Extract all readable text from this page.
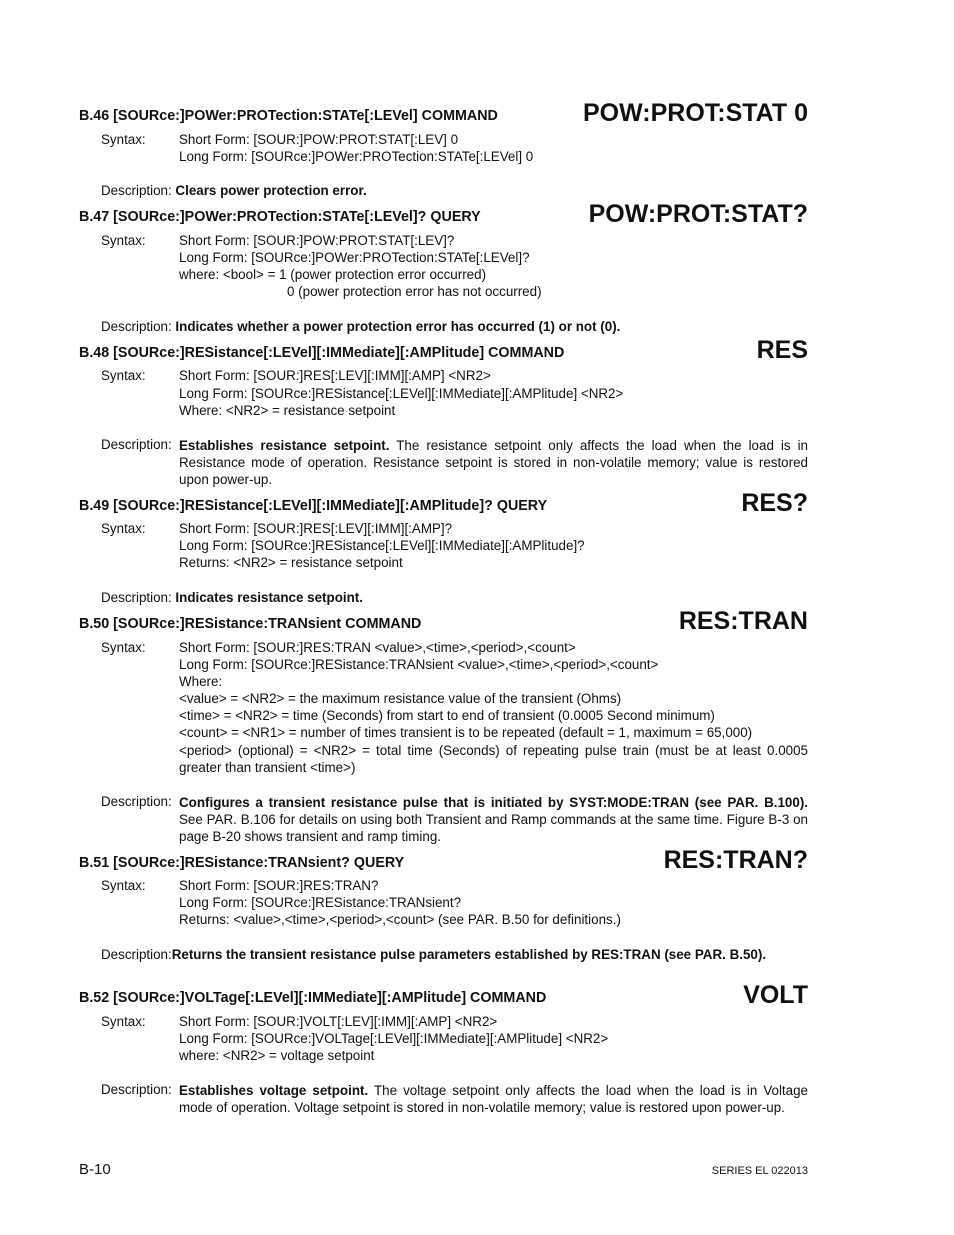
B.46 [SOURce:]POWer:PROTection:STATe[:LEVel] COMMAND	POW:PROT:STAT 0
Syntax: Short Form: [SOUR:]POW:PROT:STAT[:LEV] 0
Long Form: [SOURce:]POWer:PROTection:STATe[:LEVel] 0
Description: Clears power protection error.
B.47 [SOURce:]POWer:PROTection:STATe[:LEVel]? QUERY	POW:PROT:STAT?
Syntax: Short Form: [SOUR:]POW:PROT:STAT[:LEV]?
Long Form: [SOURce:]POWer:PROTection:STATe[:LEVel]?
where: <bool> = 1 (power protection error occurred)
0 (power protection error has not occurred)
Description: Indicates whether a power protection error has occurred (1) or not (0).
B.48 [SOURce:]RESistance[:LEVel][:IMMediate][:AMPlitude] COMMAND	RES
Syntax: Short Form: [SOUR:]RES[:LEV][:IMM][:AMP] <NR2>
Long Form: [SOURce:]RESistance[:LEVel][:IMMediate][:AMPlitude] <NR2>
Where: <NR2> = resistance setpoint
Description: Establishes resistance setpoint. The resistance setpoint only affects the load when the load is in Resistance mode of operation. Resistance setpoint is stored in non-volatile memory; value is restored upon power-up.
B.49 [SOURce:]RESistance[:LEVel][:IMMediate][:AMPlitude]? QUERY	RES?
Syntax: Short Form: [SOUR:]RES[:LEV][:IMM][:AMP]?
Long Form: [SOURce:]RESistance[:LEVel][:IMMediate][:AMPlitude]?
Returns: <NR2> = resistance setpoint
Description: Indicates resistance setpoint.
B.50 [SOURce:]RESistance:TRANsient COMMAND	RES:TRAN
Syntax: Short Form: [SOUR:]RES:TRAN <value>,<time>,<period>,<count>
Long Form: [SOURce:]RESistance:TRANsient <value>,<time>,<period>,<count>
Where:
<value> = <NR2> = the maximum resistance value of the transient (Ohms)
<time> = <NR2> = time (Seconds) from start to end of transient (0.0005 Second minimum)
<count> = <NR1> = number of times transient is to be repeated (default = 1, maximum = 65,000)
<period> (optional) = <NR2> = total time (Seconds) of repeating pulse train (must be at least 0.0005 greater than transient <time>)
Description: Configures a transient resistance pulse that is initiated by SYST:MODE:TRAN (see PAR. B.100). See PAR. B.106 for details on using both Transient and Ramp commands at the same time. Figure B-3 on page B-20 shows transient and ramp timing.
B.51 [SOURce:]RESistance:TRANsient? QUERY	RES:TRAN?
Syntax: Short Form: [SOUR:]RES:TRAN?
Long Form: [SOURce:]RESistance:TRANsient?
Returns: <value>,<time>,<period>,<count> (see PAR. B.50 for definitions.)
Description:Returns the transient resistance pulse parameters established by RES:TRAN (see PAR. B.50).
B.52 [SOURce:]VOLTage[:LEVel][:IMMediate][:AMPlitude] COMMAND	VOLT
Syntax: Short Form: [SOUR:]VOLT[:LEV][:IMM][:AMP] <NR2>
Long Form: [SOURce:]VOLTage[:LEVel][:IMMediate][:AMPlitude] <NR2>
where: <NR2> = voltage setpoint
Description: Establishes voltage setpoint. The voltage setpoint only affects the load when the load is in Voltage mode of operation. Voltage setpoint is stored in non-volatile memory; value is restored upon power-up.
B-10	SERIES EL 022013
